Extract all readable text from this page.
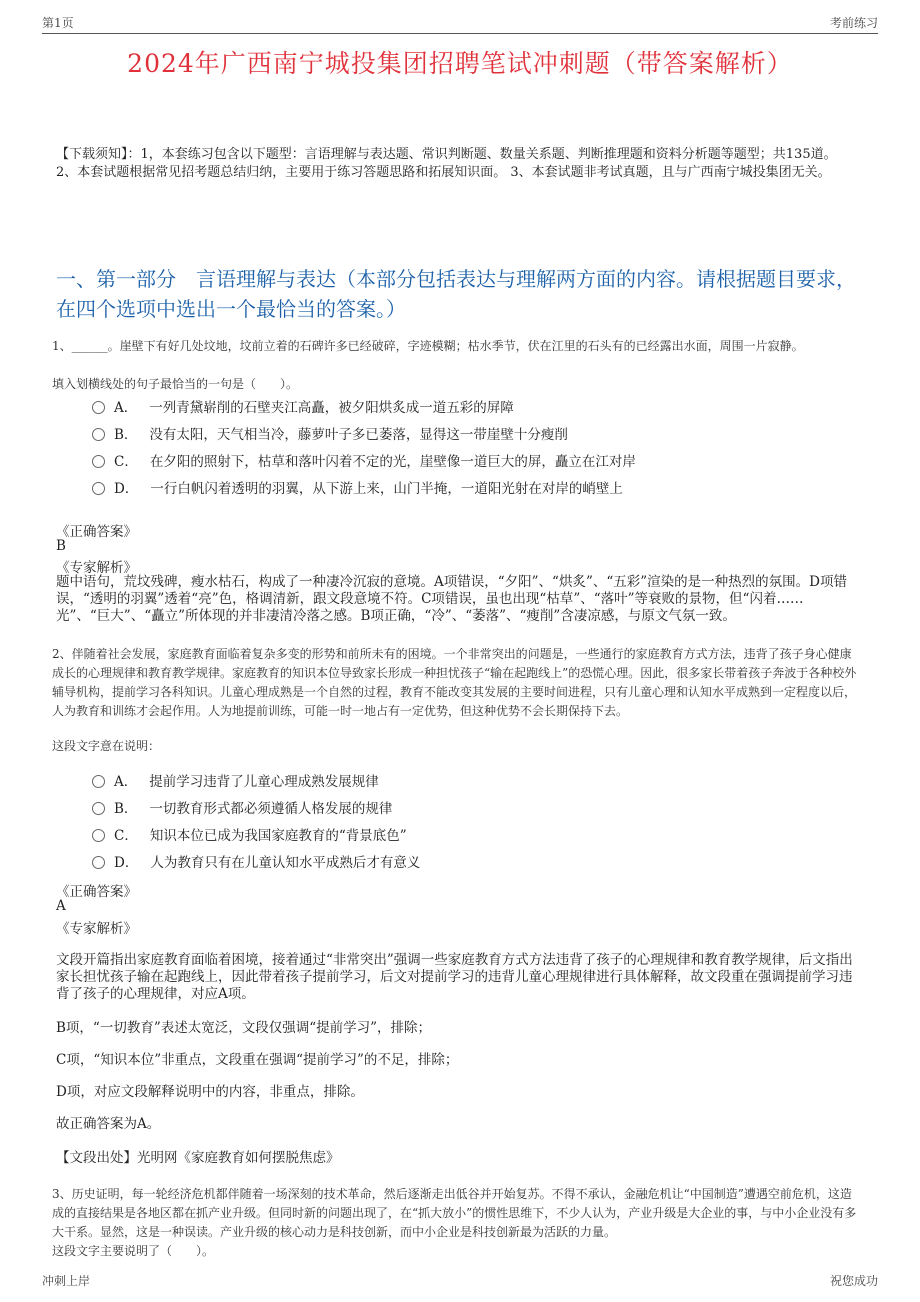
第1页	考前练习
2024年广西南宁城投集团招聘笔试冲刺题（带答案解析）
【下载须知】：1，本套练习包含以下题型：言语理解与表达题、常识判断题、数量关系题、判断推理题和资料分析题等题型；共135道。 2、本套试题根据常见招考题总结归纳，主要用于练习答题思路和拓展知识面。 3、本套试题非考试真题，且与广西南宁城投集团无关。
一、第一部分　言语理解与表达（本部分包括表达与理解两方面的内容。请根据题目要求，在四个选项中选出一个最恰当的答案。）
1、______。崖壁下有好几处坟地，坟前立着的石碑许多已经破碎，字迹模糊；枯水季节，伏在江里的石头有的已经露出水面，周围一片寂静。
填入划横线处的句子最恰当的一句是（　　）。
A． 一列青黛崭削的石壁夹江高矗，被夕阳烘炙成一道五彩的屏障
B． 没有太阳，天气相当冷，藤萝叶子多已萎落，显得这一带崖壁十分瘦削
C． 在夕阳的照射下，枯草和落叶闪着不定的光，崖壁像一道巨大的屏，矗立在江对岸
D． 一行白帆闪着透明的羽翼，从下游上来，山门半掩，一道阳光射在对岸的峭壁上
《正确答案》
B
《专家解析》
题中语句，荒坟残碑，瘦水枯石，构成了一种凄冷沉寂的意境。A项错误，“夕阳”、“烘炙”、“五彩”渲染的是一种热烈的氛围。D项错误，“透明的羽翼”透着“亮”色，格调清新，跟文段意境不符。C项错误，虽也出现“枯草”、“落叶”等衰败的景物，但“闪着……光”、“巨大”、“矗立”所体现的并非凄清冷落之感。B项正确，“冷”、“萎落”、“瘦削”含凄凉感，与原文气氛一致。
2、伴随着社会发展，家庭教育面临着复杂多变的形势和前所未有的困境。一个非常突出的问题是，一些通行的家庭教育方式方法，违背了孩子身心健康成长的心理规律和教育教学规律。家庭教育的知识本位导致家长形成一种担忧孩子“输在起跑线上”的恐慌心理。因此，很多家长带着孩子奔波于各种校外辅导机构，提前学习各科知识。儿童心理成熟是一个自然的过程，教育不能改变其发展的主要时间进程，只有儿童心理和认知水平成熟到一定程度以后，人为教育和训练才会起作用。人为地提前训练，可能一时一地占有一定优势，但这种优势不会长期保持下去。
这段文字意在说明：
A． 提前学习违背了儿童心理成熟发展规律
B． 一切教育形式都必须遵循人格发展的规律
C． 知识本位已成为我国家庭教育的“背景底色”
D． 人为教育只有在儿童认知水平成熟后才有意义
《正确答案》
A
《专家解析》
文段开篇指出家庭教育面临着困境，接着通过“非常突出”强调一些家庭教育方式方法违背了孩子的心理规律和教育教学规律，后文指出家长担忧孩子输在起跑线上，因此带着孩子提前学习，后文对提前学习的违背儿童心理规律进行具体解释，故文段重在强调提前学习违背了孩子的心理规律，对应A项。
B项，“一切教育”表述太宽泛，文段仅强调“提前学习”，排除；
C项，“知识本位”非重点，文段重在强调“提前学习”的不足，排除；
D项，对应文段解释说明中的内容，非重点，排除。
故正确答案为A。
【文段出处】光明网《家庭教育如何摆脱焦虑》
3、历史证明，每一轮经济危机都伴随着一场深刻的技术革命，然后逐渐走出低谷并开始复苏。不得不承认，金融危机让“中国制造”遭遇空前危机，这造成的直接结果是各地区都在抓产业升级。但同时新的问题出现了，在“抓大放小”的惯性思维下，不少人认为，产业升级是大企业的事，与中小企业没有多大干系。显然，这是一种误读。产业升级的核心动力是科技创新，而中小企业是科技创新最为活跃的力量。
这段文字主要说明了（　　）。
冲刺上岸	祝您成功
